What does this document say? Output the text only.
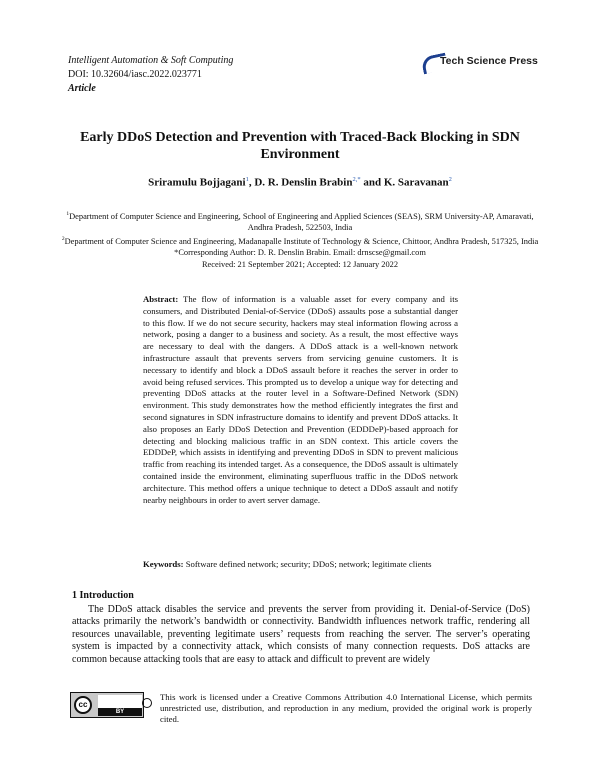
Intelligent Automation & Soft Computing
DOI: 10.32604/iasc.2022.023771
Article
Tech Science Press
Early DDoS Detection and Prevention with Traced-Back Blocking in SDN Environment
Sriramulu Bojjagani$^1$, D. R. Denslin Brabin$^{2,*}$ and K. Saravanan$^2$

$^1$Department of Computer Science and Engineering, School of Engineering and Applied Sciences (SEAS), SRM University-AP, Amaravati, Andhra Pradesh, 522503, India

$^2$Department of Computer Science and Engineering, Madanapalle Institute of Technology & Science, Chittoor, Andhra Pradesh, 517325, India

*Corresponding Author: D. R. Denslin Brabin. Email: drnscse@gmail.com

Received: 21 September 2021; Accepted: 12 January 2022

Abstract: The flow of information is a valuable asset for every company and its consumers, and Distributed Denial-of-Service (DDoS) assaults pose a substantial danger to this flow. If we do not secure security, hackers may steal information flowing across a network, posing a danger to a business and society. As a result, the most effective ways are necessary to deal with the dangers. A DDoS attack is a well-known network infrastructure assault that prevents servers from servicing genuine customers. It is necessary to identify and block a DDoS assault before it reaches the server in order to avoid being refused services. This prompted us to develop a unique way for detecting and preventing DDoS attacks at the router level in a Software-Defined Network (SDN) environment. This study demonstrates how the method efficiently integrates the first and second signatures in SDN infrastructure domains to identify and prevent DDoS attacks. It also proposes an Early DDoS Detection and Prevention (EDDDeP)-based approach for detecting and blocking malicious traffic in an SDN context. This article covers the EDDDeP, which assists in identifying and preventing DDoS in SDN to prevent malicious traffic from reaching its intended target. As a consequence, the DDoS assault is ultimately contained inside the environment, eliminating superfluous traffic in the DDoS network architecture. This method offers a unique technique to detect a DDoS assault and notify nearby neighbours in order to avert server damage.
Keywords: Software defined network; security; DDoS; network; legitimate clients
1 Introduction
The DDoS attack disables the service and prevents the server from providing it. Denial-of-Service (DoS) attacks primarily the network’s bandwidth or connectivity. Bandwidth influences network traffic, rendering all resources unavailable, preventing legitimate users’ requests from reaching the server. The server’s operating system is impacted by a connectivity attack, which consists of many connection requests. DoS attacks are common because attacking tools that are easy to attack and difficult to prevent are widely
cc
BY
This work is licensed under a Creative Commons Attribution 4.0 International License, which permits unrestricted use, distribution, and reproduction in any medium, provided the original work is properly cited.
